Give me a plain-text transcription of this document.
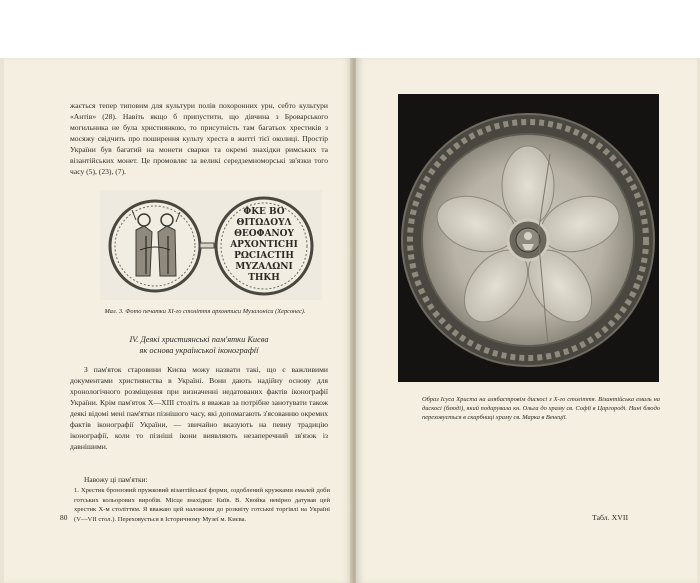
жається тепер типовим для культури полів похоронних урн, себто культури «Антів» (28). Навіть якщо б припустити, що дівчина з Броварського могильника не була християнкою, то присутність там багатьох хрестиків з мосяжу свідчить про поширення культу хреста в житті тієї околиці. Простір України був багатий на монети сварки та окремі знахідки римських та візантійських монет. Це промовляє за великі середземноморські зв'язки того часу (5), (23), (7).

ΦKE BO
ΘΙΤΩΔΟΥΛ
ΘΕΟΦΑΝΟΥ
ΑΡΧΟΝΤΙCΗΙ
ΡΩCΙΑCΤΙΗ
ΜΥΖΑΛΩΝΙ
ΤΗΚΗ

Мал. 3. Фото печатки XI-го століття архонтиси Музалоніси (Херсонес).

IV. Деякі християнські пам'ятки Києва
як основа української іконографії

З пам'яток старовини Києва можу назвати такі, що є важливими документами християнства в Україні. Вони дають надійну основу для хронологічного розміщення при визначенні недатованих фактів іконографії України. Крім пам'яток X—XIII століть я вважав за потрібне занотувати також деякі відомі мені пам'ятки пізнішого часу, які допомагають з'ясованню окремих фактів іконографії України, — звичайно вказують на певну традицію іконографії, коли то пізніші ікони виявляють незаперечний зв'язок із давнішими.

Навожу ці пам'ятки:

1. Хрестик бронзовий пружковий візантійської форми, оздоблений кружками емалей доби готських кольорових виробів. Місце знахідки: Київ. В. Хвойка невірно датував цей хрестик X-м століттям. Я вважаю цей наложним до розквіту готської торгівлі на Україні (V—VII стол.). Переховується в Історичному Музеї м. Києва.

80

Образ Ісуса Христа на алябастровім дискосі з X-го століття. Візантійська емаль на дискосі (блюді), який подарувала кн. Ольга до храму св. Софії в Царгороді. Нині блюдо переховується в скарбниці храму св. Марка в Венеції.

Табл. XVII
